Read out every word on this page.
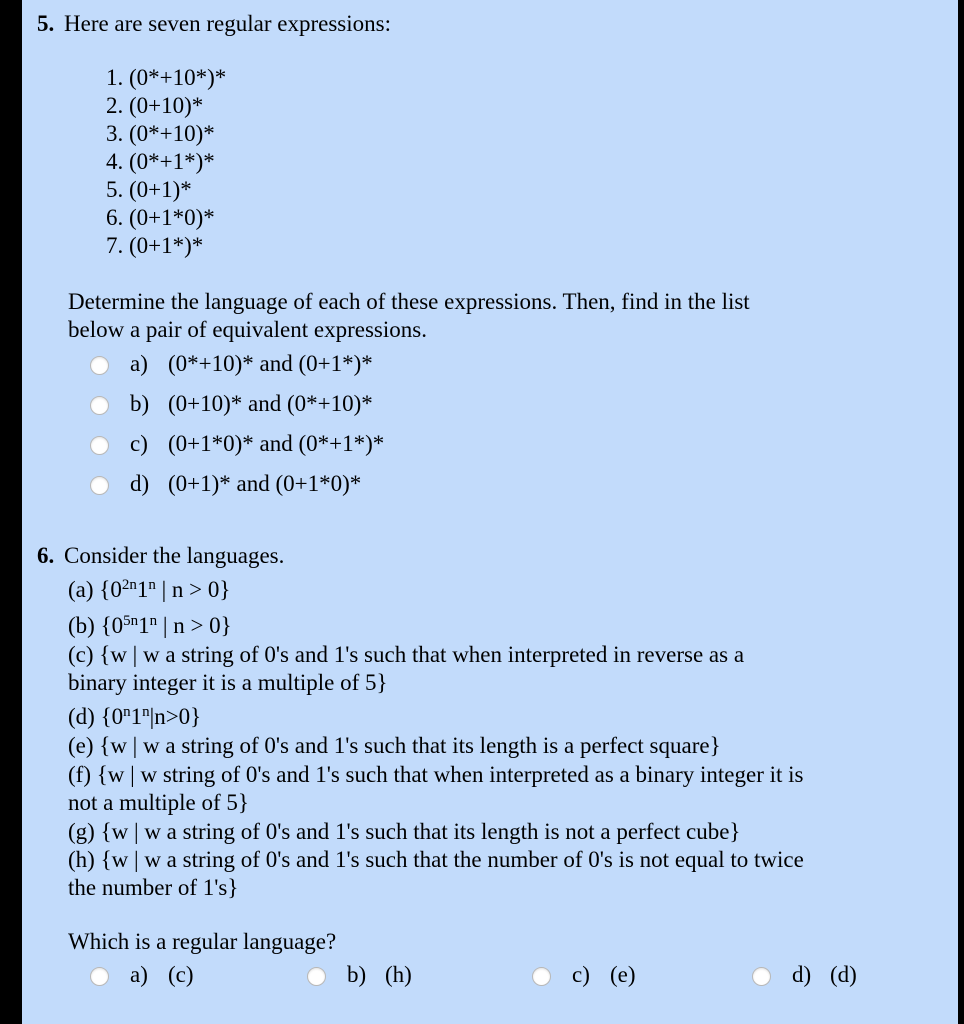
5. Here are seven regular expressions:
1. (0*+10*)*
2. (0+10)*
3. (0*+10)*
4. (0*+1*)*
5. (0+1)*
6. (0+1*0)*
7. (0+1*)*
Determine the language of each of these expressions. Then, find in the list
below a pair of equivalent expressions.
a) (0*+10)* and (0+1*)*
b) (0+10)* and (0*+10)*
c) (0+1*0)* and (0*+1*)*
d) (0+1)* and (0+1*0)*
6. Consider the languages.
(a) {$0^{2n}1^n$ | n > 0}
(b) {$0^{5n}1^n$ | n > 0}
(c) {w | w a string of 0's and 1's such that when interpreted in reverse as a
binary integer it is a multiple of 5}
(d) $\{0^n1^n|n>0\}$
(e) {w | w a string of 0's and 1's such that its length is a perfect square}
(f) {w | w string of 0's and 1's such that when interpreted as a binary integer it is
not a multiple of 5}
(g) {w | w a string of 0's and 1's such that its length is not a perfect cube}
(h) {w | w a string of 0's and 1's such that the number of 0's is not equal to twice
the number of 1's}
Which is a regular language?
a) (c)	b) (h)	c) (e)	d) (d)
